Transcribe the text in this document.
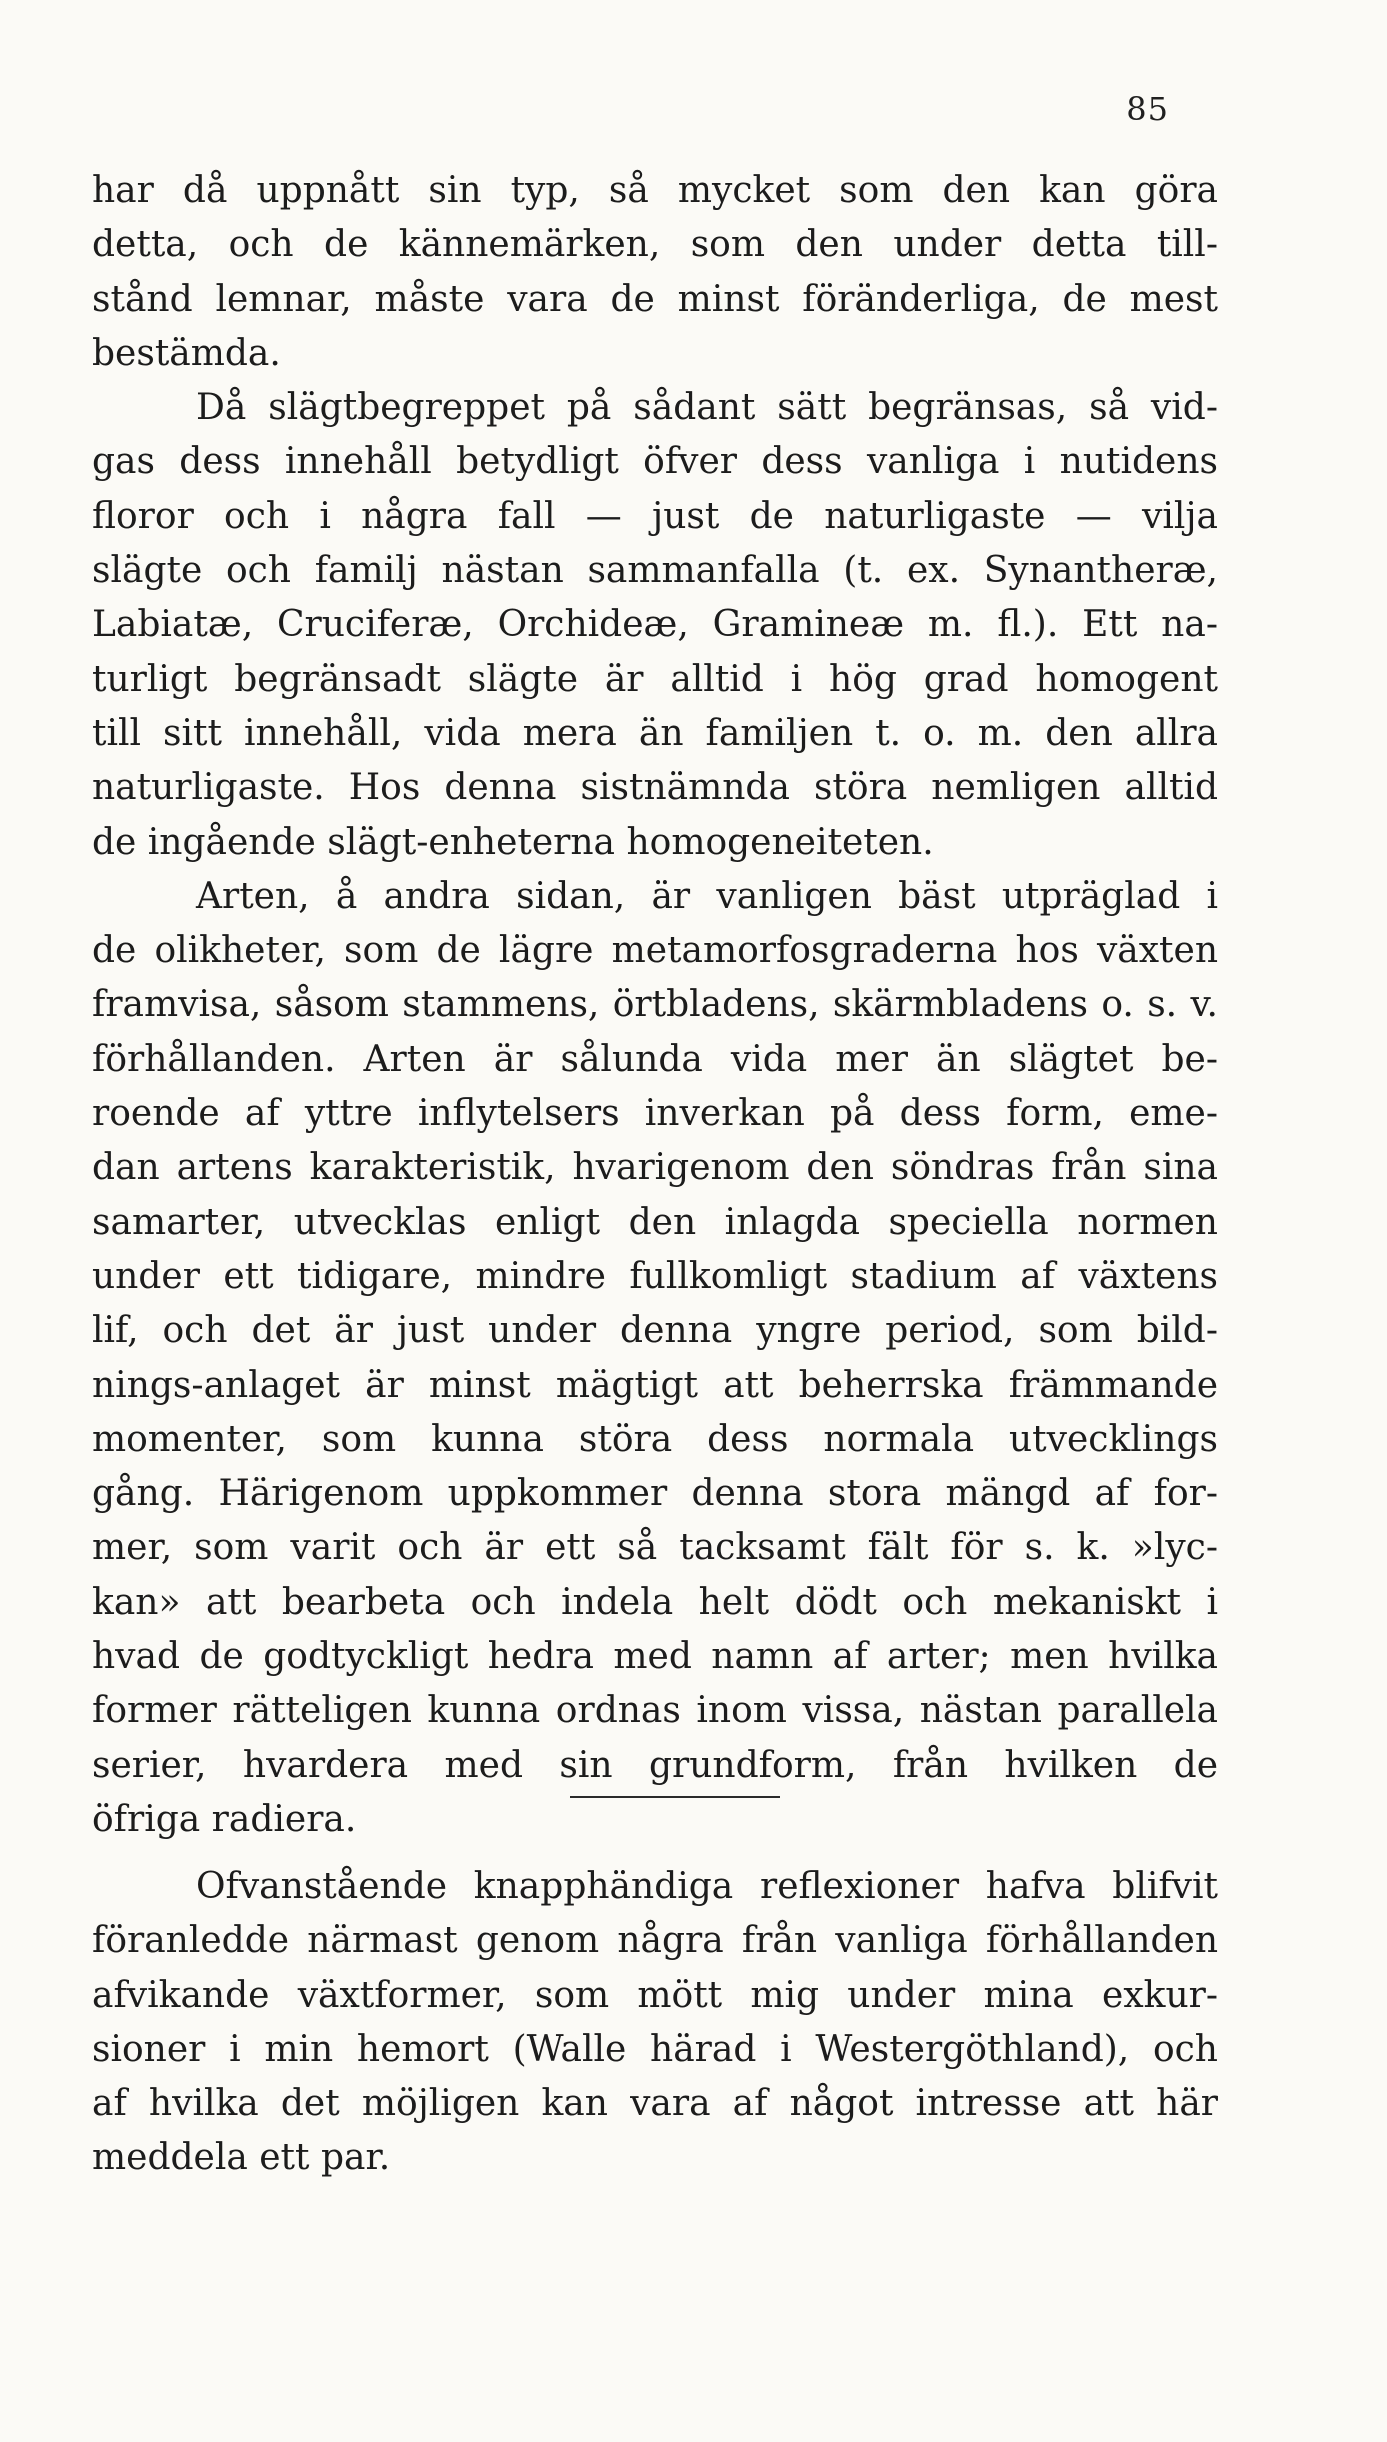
85
har då uppnått sin typ, så mycket som den kan göra
detta, och de kännemärken, som den under detta till-
stånd lemnar, måste vara de minst föränderliga, de mest
bestämda.
Då slägtbegreppet på sådant sätt begränsas, så vid-
gas dess innehåll betydligt öfver dess vanliga i nutidens
floror och i några fall — just de naturligaste — vilja
slägte och familj nästan sammanfalla (t. ex. Synantheræ,
Labiatæ, Cruciferæ, Orchideæ, Gramineæ m. fl.). Ett na-
turligt begränsadt slägte är alltid i hög grad homogent
till sitt innehåll, vida mera än familjen t. o. m. den allra
naturligaste. Hos denna sistnämnda störa nemligen alltid
de ingående slägt-enheterna homogeneiteten.
Arten, å andra sidan, är vanligen bäst utpräglad i
de olikheter, som de lägre metamorfosgraderna hos växten
framvisa, såsom stammens, örtbladens, skärmbladens o. s. v.
förhållanden. Arten är sålunda vida mer än slägtet be-
roende af yttre inflytelsers inverkan på dess form, eme-
dan artens karakteristik, hvarigenom den söndras från sina
samarter, utvecklas enligt den inlagda speciella normen
under ett tidigare, mindre fullkomligt stadium af växtens
lif, och det är just under denna yngre period, som bild-
nings-anlaget är minst mägtigt att beherrska främmande
momenter, som kunna störa dess normala utvecklings
gång. Härigenom uppkommer denna stora mängd af for-
mer, som varit och är ett så tacksamt fält för s. k. »lyc-
kan» att bearbeta och indela helt dödt och mekaniskt i
hvad de godtyckligt hedra med namn af arter; men hvilka
former rätteligen kunna ordnas inom vissa, nästan parallela
serier, hvardera med sin grundform, från hvilken de
öfriga radiera.
Ofvanstående knapphändiga reflexioner hafva blifvit
föranledde närmast genom några från vanliga förhållanden
afvikande växtformer, som mött mig under mina exkur-
sioner i min hemort (Walle härad i Westergöthland), och
af hvilka det möjligen kan vara af något intresse att här
meddela ett par.
